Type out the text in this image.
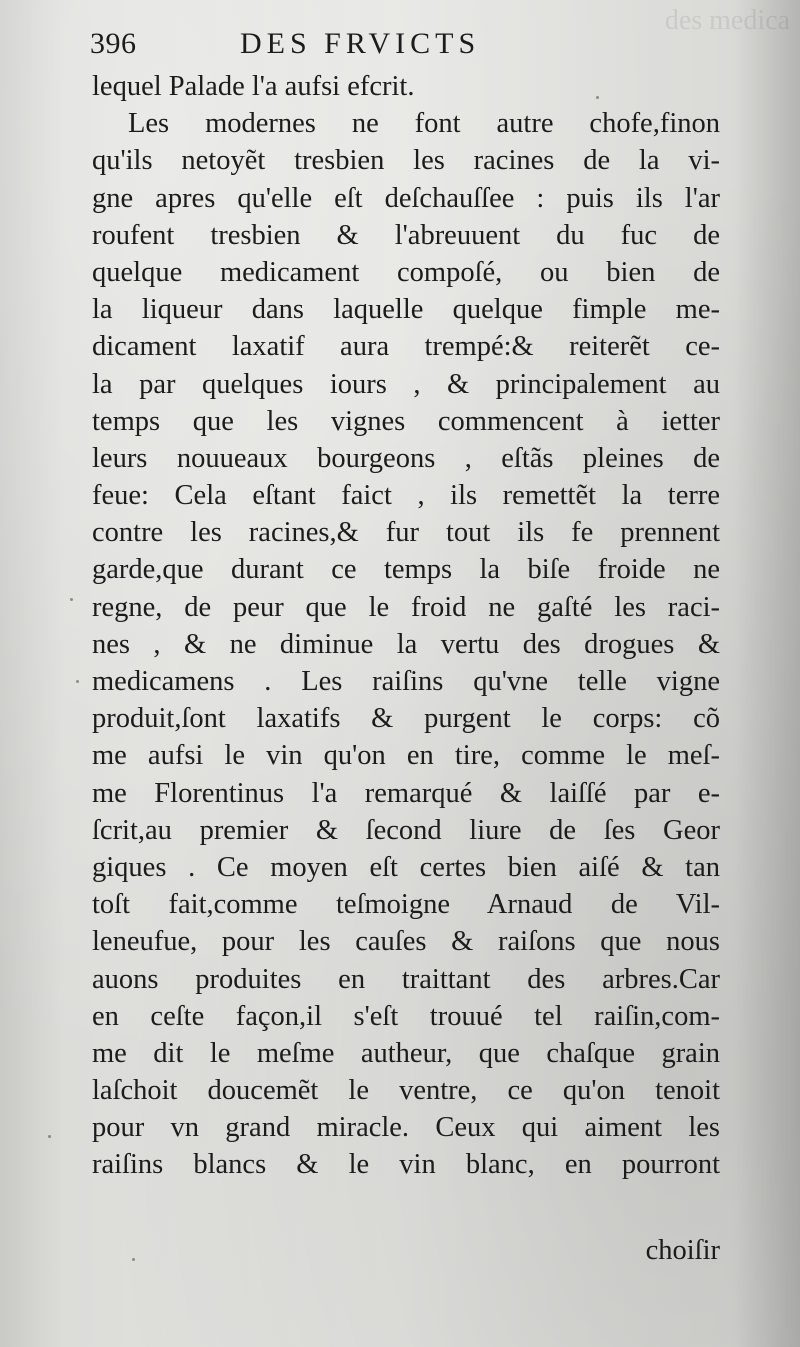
des medica
396	DES FRVICTS
lequel Palade l'a aufsi efcrit.
Les modernes ne font autre chofe,finon
qu'ils netoyẽt tresbien les racines de la vi-
gne apres qu'elle eſt deſchauſſee : puis ils l'ar
roufent tresbien & l'abreuuent du fuc de
quelque medicament compoſé, ou bien de
la liqueur dans laquelle quelque fimple me-
dicament laxatif aura trempé:& reiterẽt ce-
la par quelques iours , & principalement au
temps que les vignes commencent à ietter
leurs nouueaux bourgeons , eſtãs pleines de
feue: Cela eſtant faict , ils remettẽt la terre
contre les racines,& fur tout ils fe prennent
garde,que durant ce temps la biſe froide ne
regne, de peur que le froid ne gaſté les raci-
nes , & ne diminue la vertu des drogues &
medicamens . Les raiſins qu'vne telle vigne
produit,ſont laxatifs & purgent le corps: cõ
me aufsi le vin qu'on en tire, comme le meſ-
me Florentinus l'a remarqué & laiſſé par e-
ſcrit,au premier & ſecond liure de ſes Geor
giques . Ce moyen eſt certes bien aiſé & tan
toſt fait,comme teſmoigne Arnaud de Vil-
leneufue, pour les cauſes & raiſons que nous
auons produites en traittant des arbres.Car
en ceſte façon,il s'eſt trouué tel raiſin,com-
me dit le meſme autheur, que chaſque grain
laſchoit doucemẽt le ventre, ce qu'on tenoit
pour vn grand miracle. Ceux qui aiment les
raiſins blancs & le vin blanc, en pourront
choiſir
